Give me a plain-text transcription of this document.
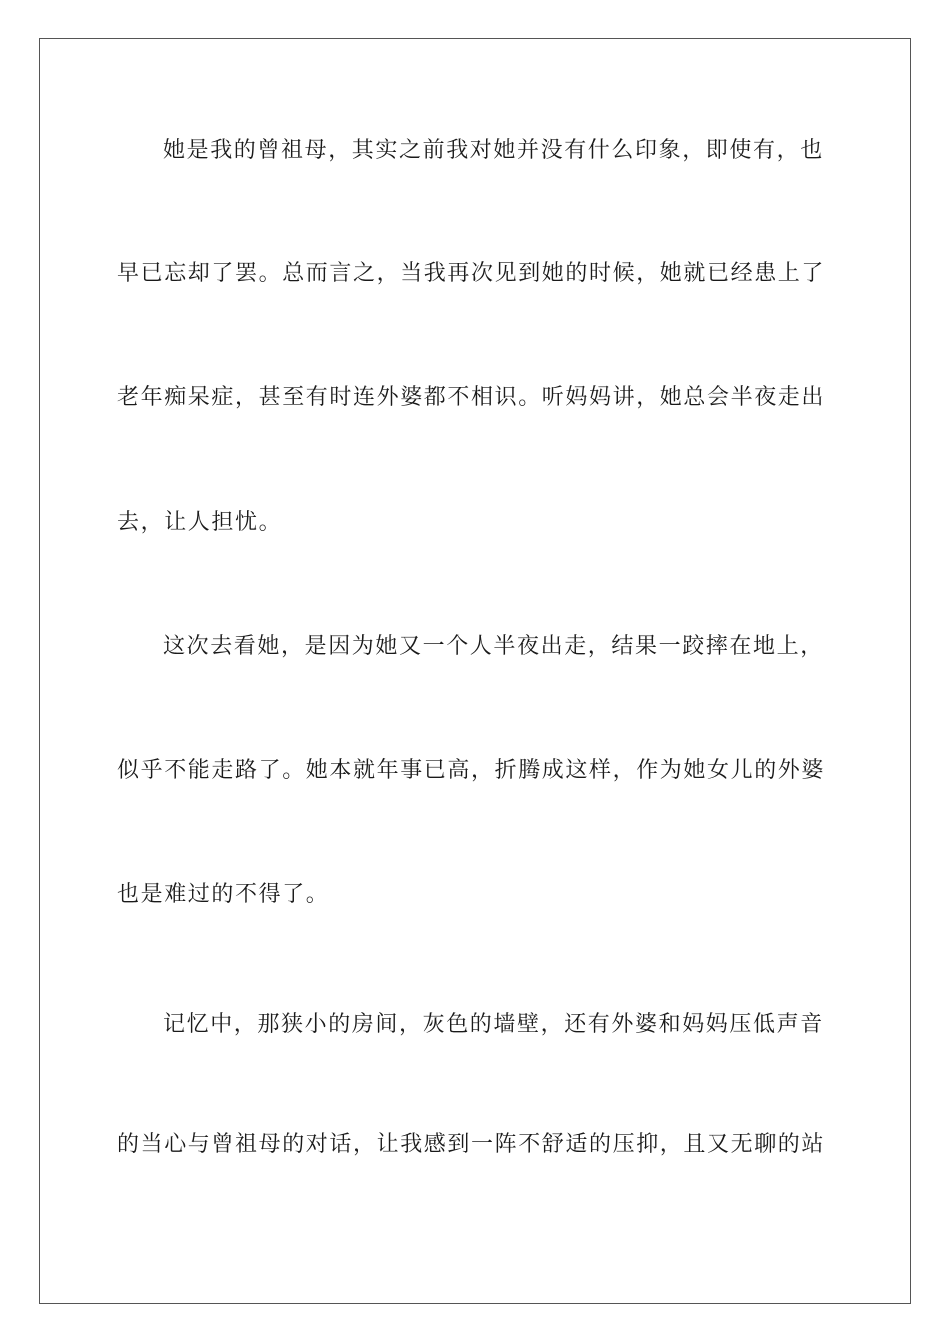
她是我的曾祖母，其实之前我对她并没有什么印象，即使有，也
早已忘却了罢。总而言之，当我再次见到她的时候，她就已经患上了
老年痴呆症，甚至有时连外婆都不相识。听妈妈讲，她总会半夜走出
去，让人担忧。
这次去看她，是因为她又一个人半夜出走，结果一跤摔在地上，
似乎不能走路了。她本就年事已高，折腾成这样，作为她女儿的外婆
也是难过的不得了。
记忆中，那狭小的房间，灰色的墙壁，还有外婆和妈妈压低声音
的当心与曾祖母的对话，让我感到一阵不舒适的压抑，且又无聊的站
